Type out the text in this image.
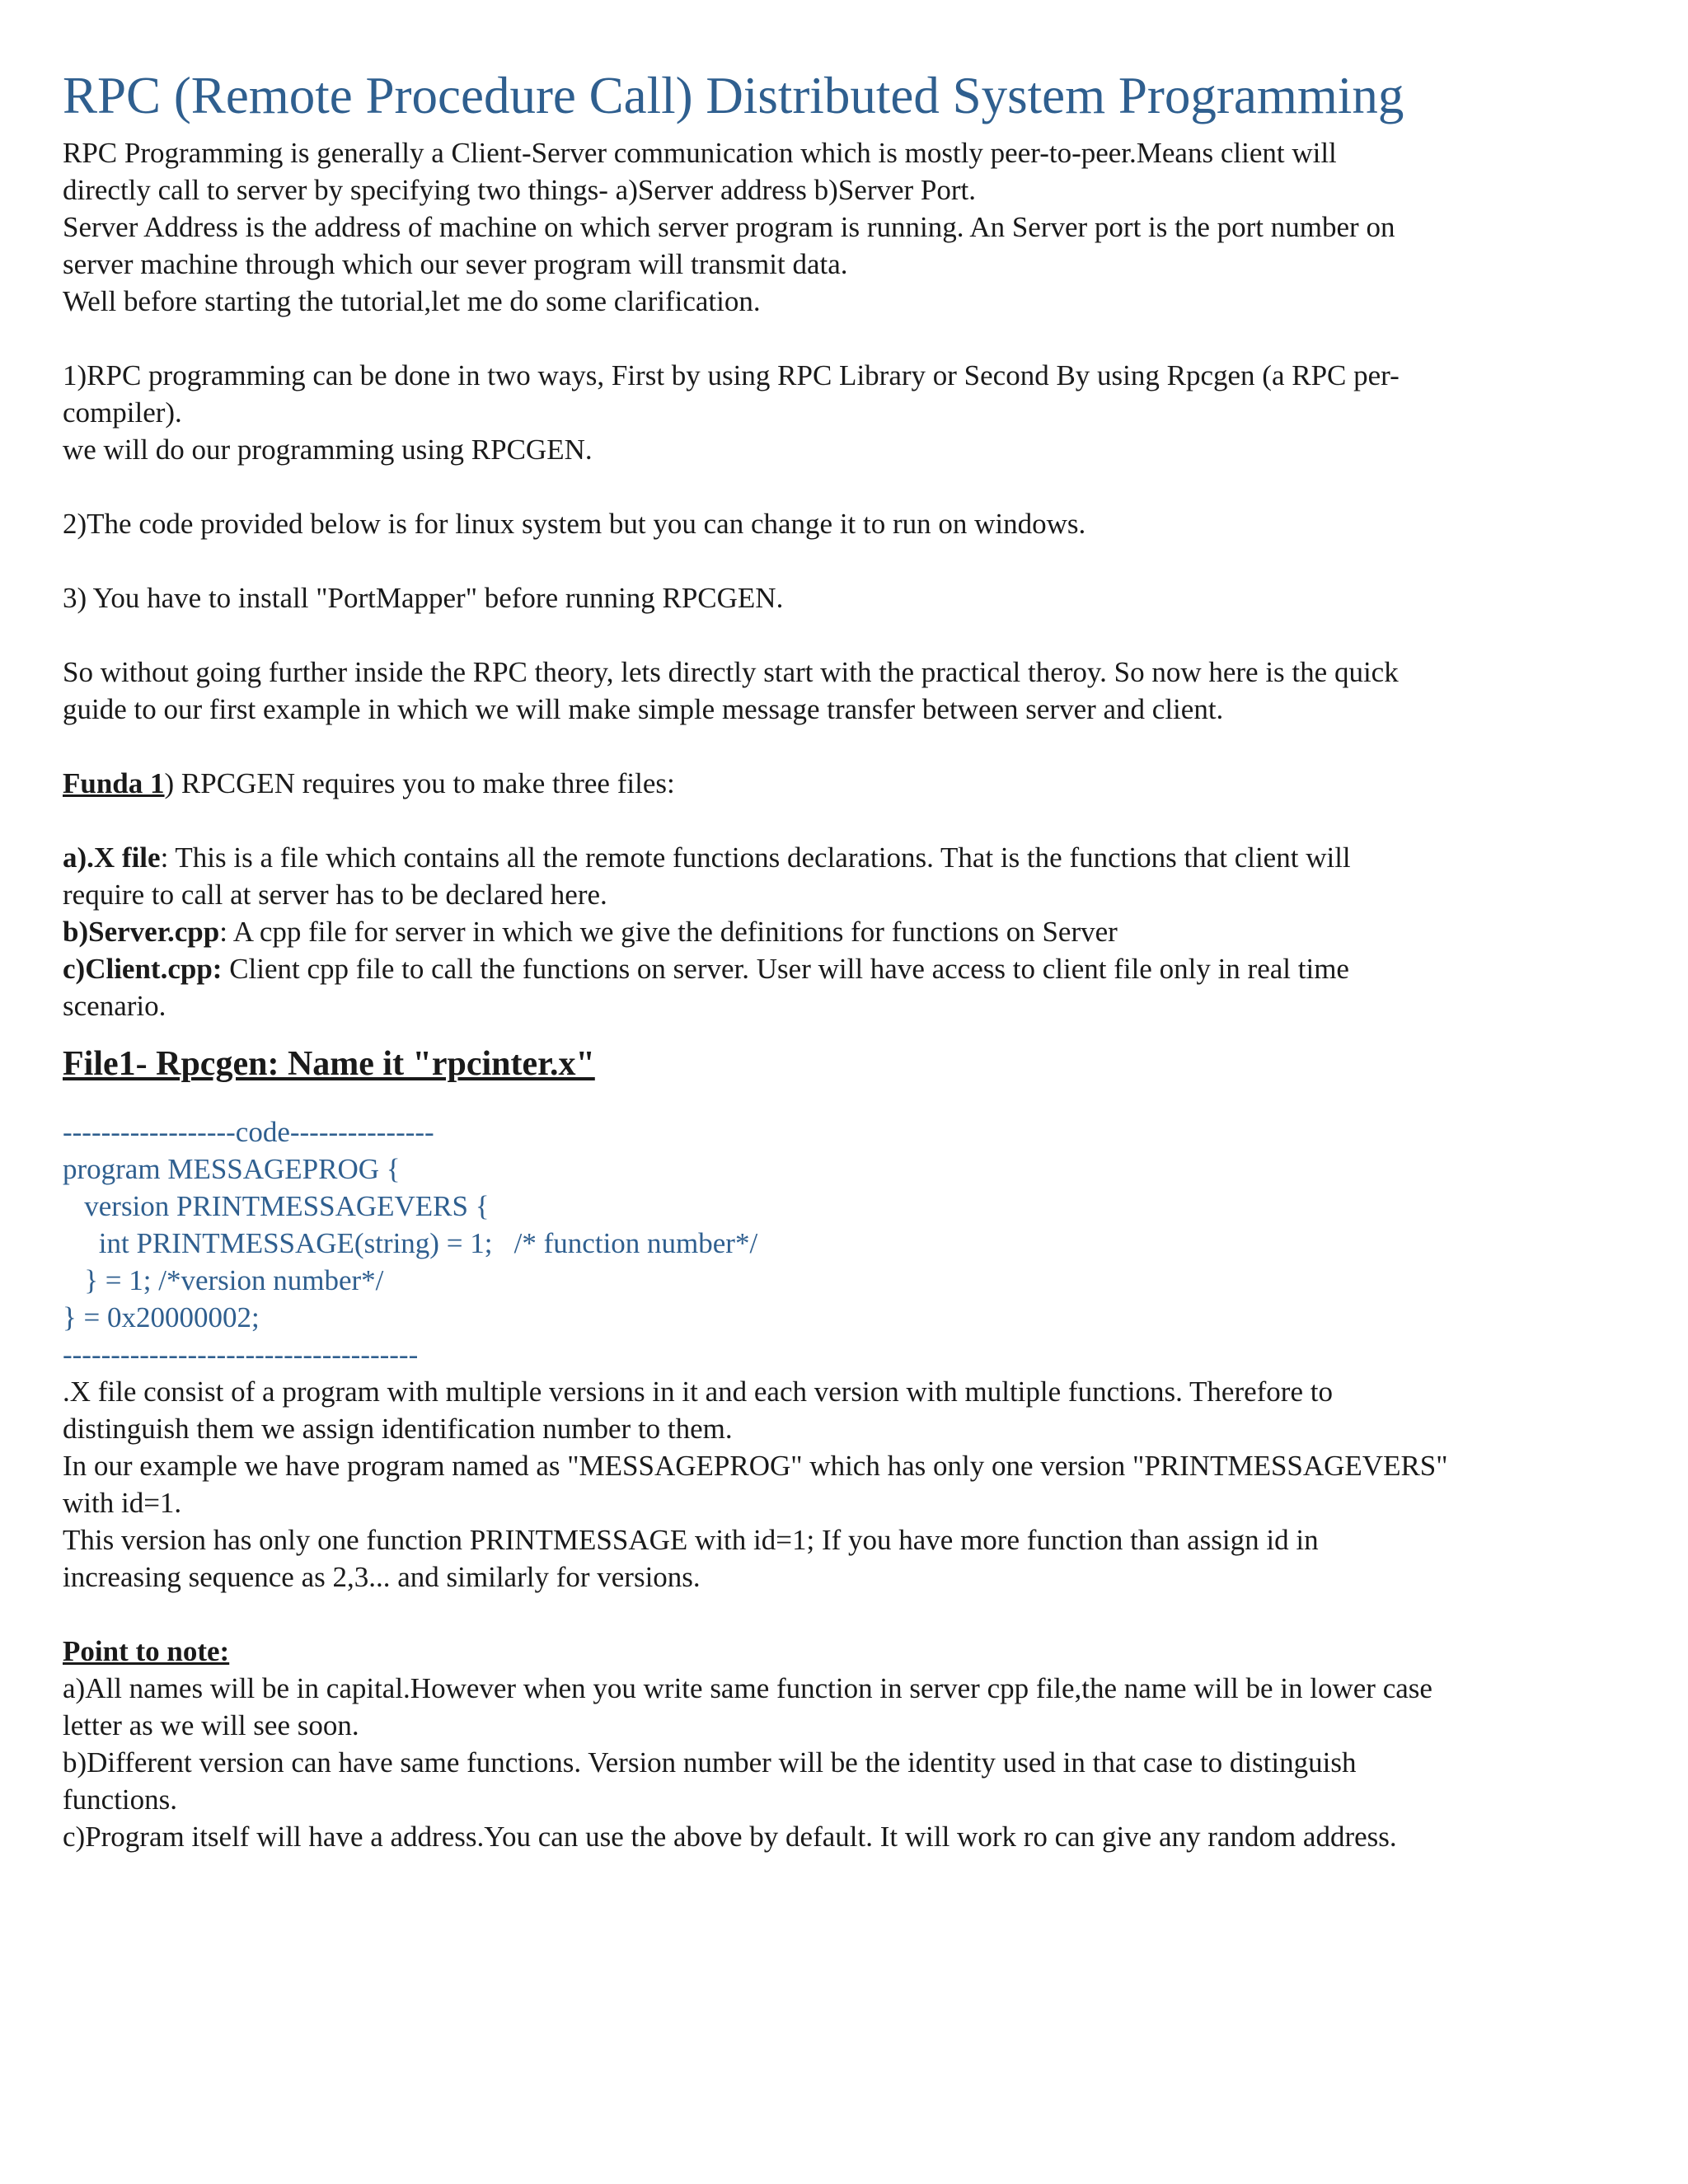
RPC (Remote Procedure Call) Distributed System Programming

RPC Programming is generally a Client-Server communication which is mostly peer-to-peer.Means client will

directly call to server by specifying two things- a)Server address b)Server Port.

Server Address is the address of machine on which server program is running. An Server port is the port number on

server machine through which our sever program will transmit data.

Well before starting the tutorial,let me do some clarification.

1)RPC programming can be done in two ways, First by using RPC Library or Second By using Rpcgen (a RPC per-

compiler).

we will do our programming using RPCGEN.

2)The code provided below is for linux system but you can change it to run on windows.

3) You have to install "PortMapper" before running RPCGEN.

So without going further inside the RPC theory, lets directly start with the practical theroy. So now here is the quick

guide to our first example in which we will make simple message transfer between server and client.

Funda 1) RPCGEN requires you to make three files:

a).X file: This is a file which contains all the remote functions declarations. That is the functions that client will

require to call at server has to be declared here.

b)Server.cpp: A cpp file for server in which we give the definitions for functions on Server

c)Client.cpp: Client cpp file to call the functions on server. User will have access to client file only in real time

scenario.

File1- Rpcgen: Name it "rpcinter.x"

------------------code---------------

program MESSAGEPROG {

version PRINTMESSAGEVERS {

int PRINTMESSAGE(string) = 1;   /* function number*/

} = 1; /*version number*/

} = 0x20000002;

-------------------------------------

.X file consist of a program with multiple versions in it and each version with multiple functions. Therefore to

distinguish them we assign identification number to them.

In our example we have program named as "MESSAGEPROG" which has only one version "PRINTMESSAGEVERS"

with id=1.

This version has only one function PRINTMESSAGE with id=1; If you have more function than assign id in

increasing sequence as 2,3... and similarly for versions.

Point to note:

a)All names will be in capital.However when you write same function in server cpp file,the name will be in lower case

letter as we will see soon.

b)Different version can have same functions. Version number will be the identity used in that case to distinguish

functions.

c)Program itself will have a address.You can use the above by default. It will work ro can give any random address.
